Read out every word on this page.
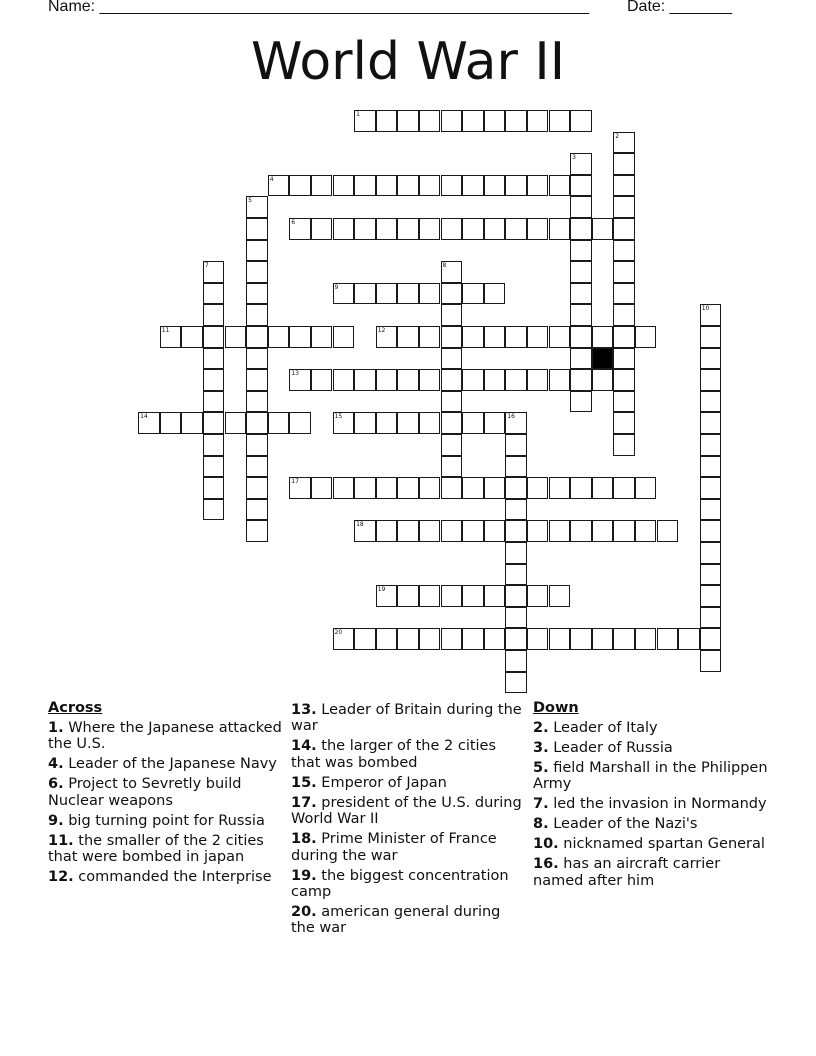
Name: _______________________________________________________ Date: _______
World War II
1
2
3
4
5
6
7	8
9
10
11	12
13
14	15	16
17
18
19
20
Across
1. Where the Japanese attacked the U.S.
4. Leader of the Japanese Navy
6. Project to Sevretly build Nuclear weapons
9. big turning point for Russia
11. the smaller of the 2 cities that were bombed in japan
12. commanded the Interprise
13. Leader of Britain during the war
14. the larger of the 2 cities that was bombed
15. Emperor of Japan
17. president of the U.S. during World War II
18. Prime Minister of France during the war
19. the biggest concentration camp
20. american general during the war
Down
2. Leader of Italy
3. Leader of Russia
5. field Marshall in the Philippen Army
7. led the invasion in Normandy
8. Leader of the Nazi's
10. nicknamed spartan General
16. has an aircraft carrier named after him
